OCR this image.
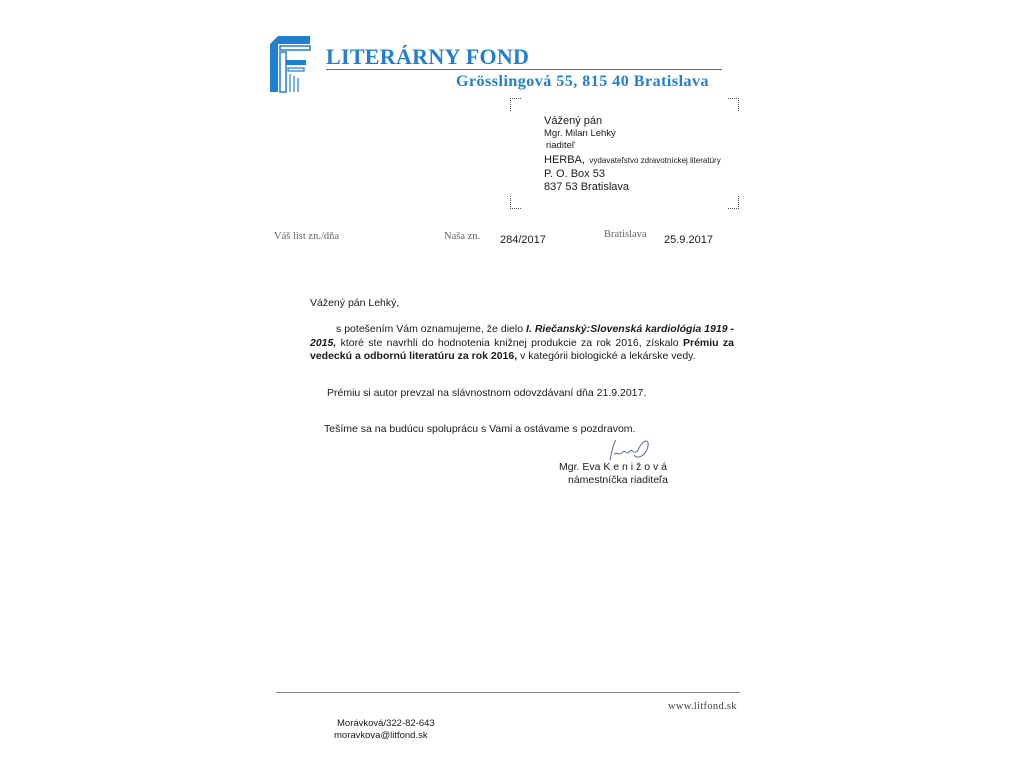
LITERÁRNY FOND
Grösslingová 55, 815 40 Bratislava
Vážený pán
Mgr. Milan Lehký
riaditeľ
HERBA, vydavateľstvo zdravotníckej literatúry
P. O. Box 53
837 53 Bratislava
Váš list zn./dňa	Naša zn. 284/2017	Bratislava 25.9.2017
Vážený pán Lehký,
s potešením Vám oznamujeme, že dielo I. Riečanský:Slovenská kardiológia 1919 - 2015, ktoré ste navrhli do hodnotenia knižnej produkcie za rok 2016, získalo Prémiu za vedeckú a odbornú literatúru za rok 2016, v kategórii biologické a lekárske vedy.
Prémiu si autor prevzal na slávnostnom odovzdávaní dňa 21.9.2017.
Tešíme sa na budúcu spoluprácu s Vami a ostávame s pozdravom.
Mgr. Eva K e n i ž o v á
námestníčka riaditeľa
www.litfond.sk
Morávková/322-82-643
moravkova@litfond.sk
